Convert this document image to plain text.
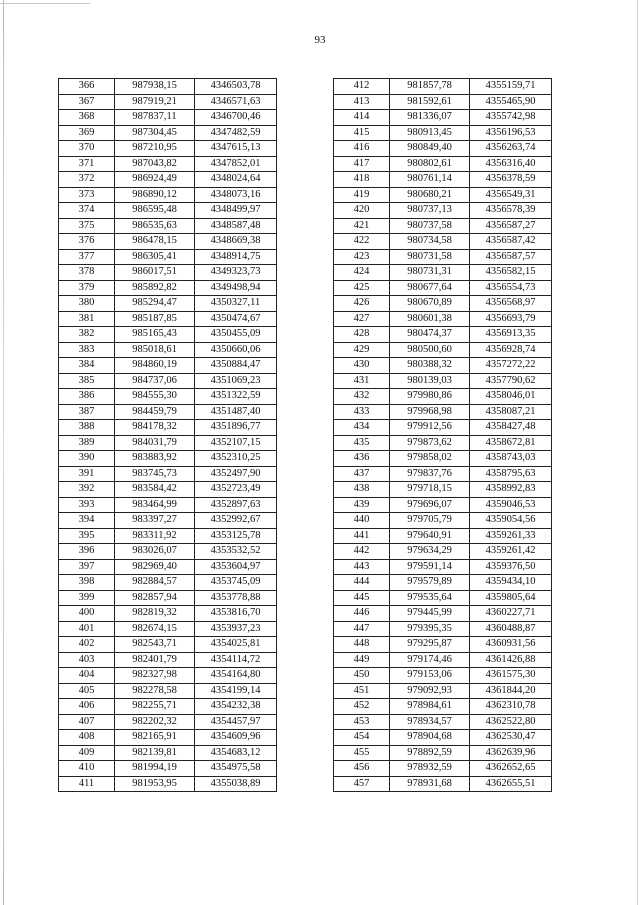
93
366	987938,15	4346503,78
367	987919,21	4346571,63
368	987837,11	4346700,46
369	987304,45	4347482,59
370	987210,95	4347615,13
371	987043,82	4347852,01
372	986924,49	4348024,64
373	986890,12	4348073,16
374	986595,48	4348499,97
375	986535,63	4348587,48
376	986478,15	4348669,38
377	986305,41	4348914,75
378	986017,51	4349323,73
379	985892,82	4349498,94
380	985294,47	4350327,11
381	985187,85	4350474,67
382	985165,43	4350455,09
383	985018,61	4350660,06
384	984860,19	4350884,47
385	984737,06	4351069,23
386	984555,30	4351322,59
387	984459,79	4351487,40
388	984178,32	4351896,77
389	984031,79	4352107,15
390	983883,92	4352310,25
391	983745,73	4352497,90
392	983584,42	4352723,49
393	983464,99	4352897,63
394	983397,27	4352992,67
395	983311,92	4353125,78
396	983026,07	4353532,52
397	982969,40	4353604,97
398	982884,57	4353745,09
399	982857,94	4353778,88
400	982819,32	4353816,70
401	982674,15	4353937,23
402	982543,71	4354025,81
403	982401,79	4354114,72
404	982327,98	4354164,80
405	982278,58	4354199,14
406	982255,71	4354232,38
407	982202,32	4354457,97
408	982165,91	4354609,96
409	982139,81	4354683,12
410	981994,19	4354975,58
411	981953,95	4355038,89
412	981857,78	4355159,71
413	981592,61	4355465,90
414	981336,07	4355742,98
415	980913,45	4356196,53
416	980849,40	4356263,74
417	980802,61	4356316,40
418	980761,14	4356378,59
419	980680,21	4356549,31
420	980737,13	4356578,39
421	980737,58	4356587,27
422	980734,58	4356587,42
423	980731,58	4356587,57
424	980731,31	4356582,15
425	980677,64	4356554,73
426	980670,89	4356568,97
427	980601,38	4356693,79
428	980474,37	4356913,35
429	980500,60	4356928,74
430	980388,32	4357272,22
431	980139,03	4357790,62
432	979980,86	4358046,01
433	979968,98	4358087,21
434	979912,56	4358427,48
435	979873,62	4358672,81
436	979858,02	4358743,03
437	979837,76	4358795,63
438	979718,15	4358992,83
439	979696,07	4359046,53
440	979705,79	4359054,56
441	979640,91	4359261,33
442	979634,29	4359261,42
443	979591,14	4359376,50
444	979579,89	4359434,10
445	979535,64	4359805,64
446	979445,99	4360227,71
447	979395,35	4360488,87
448	979295,87	4360931,56
449	979174,46	4361426,88
450	979153,06	4361575,30
451	979092,93	4361844,20
452	978984,61	4362310,78
453	978934,57	4362522,80
454	978904,68	4362530,47
455	978892,59	4362639,96
456	978932,59	4362652,65
457	978931,68	4362655,51
